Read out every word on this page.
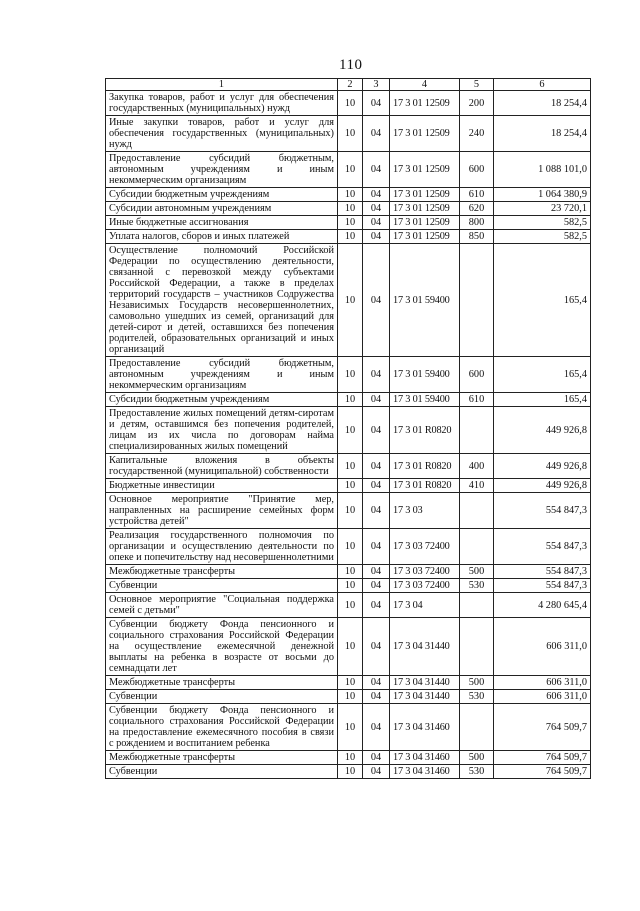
110
1	2	3	4	5	6
Закупка товаров, работ и услуг для обеспечения государственных (муниципальных) нужд	10	04	17 3 01 12509	200	18 254,4
Иные закупки товаров, работ и услуг для обеспечения государственных (муниципальных) нужд	10	04	17 3 01 12509	240	18 254,4
Предоставление субсидий бюджетным, автономным учреждениям и иным некоммерческим организациям	10	04	17 3 01 12509	600	1 088 101,0
Субсидии бюджетным учреждениям	10	04	17 3 01 12509	610	1 064 380,9
Субсидии автономным учреждениям	10	04	17 3 01 12509	620	23 720,1
Иные бюджетные ассигнования	10	04	17 3 01 12509	800	582,5
Уплата налогов, сборов и иных платежей	10	04	17 3 01 12509	850	582,5
Осуществление полномочий Российской Федерации по осуществлению деятельности, связанной с перевозкой между субъектами Российской Федерации, а также в пределах территорий государств – участников Содружества Независимых Государств несовершеннолетних, самовольно ушедших из семей, организаций для детей-сирот и детей, оставшихся без попечения родителей, образовательных организаций и иных организаций	10	04	17 3 01 59400		165,4
Предоставление субсидий бюджетным, автономным учреждениям и иным некоммерческим организациям	10	04	17 3 01 59400	600	165,4
Субсидии бюджетным учреждениям	10	04	17 3 01 59400	610	165,4
Предоставление жилых помещений детям-сиротам и детям, оставшимся без попечения родителей, лицам из их числа по договорам найма специализированных жилых помещений	10	04	17 3 01 R0820		449 926,8
Капитальные вложения в объекты государственной (муниципальной) собственности	10	04	17 3 01 R0820	400	449 926,8
Бюджетные инвестиции	10	04	17 3 01 R0820	410	449 926,8
Основное мероприятие "Принятие мер, направленных на расширение семейных форм устройства детей"	10	04	17 3 03		554 847,3
Реализация государственного полномочия по организации и осуществлению деятельности по опеке и попечительству над несовершеннолетними	10	04	17 3 03 72400		554 847,3
Межбюджетные трансферты	10	04	17 3 03 72400	500	554 847,3
Субвенции	10	04	17 3 03 72400	530	554 847,3
Основное мероприятие "Социальная поддержка семей с детьми"	10	04	17 3 04		4 280 645,4
Субвенции бюджету Фонда пенсионного и социального страхования Российской Федерации на осуществление ежемесячной денежной выплаты на ребенка в возрасте от восьми до семнадцати лет	10	04	17 3 04 31440		606 311,0
Межбюджетные трансферты	10	04	17 3 04 31440	500	606 311,0
Субвенции	10	04	17 3 04 31440	530	606 311,0
Субвенции бюджету Фонда пенсионного и социального страхования Российской Федерации на предоставление ежемесячного пособия в связи с рождением и воспитанием ребенка	10	04	17 3 04 31460		764 509,7
Межбюджетные трансферты	10	04	17 3 04 31460	500	764 509,7
Субвенции	10	04	17 3 04 31460	530	764 509,7
